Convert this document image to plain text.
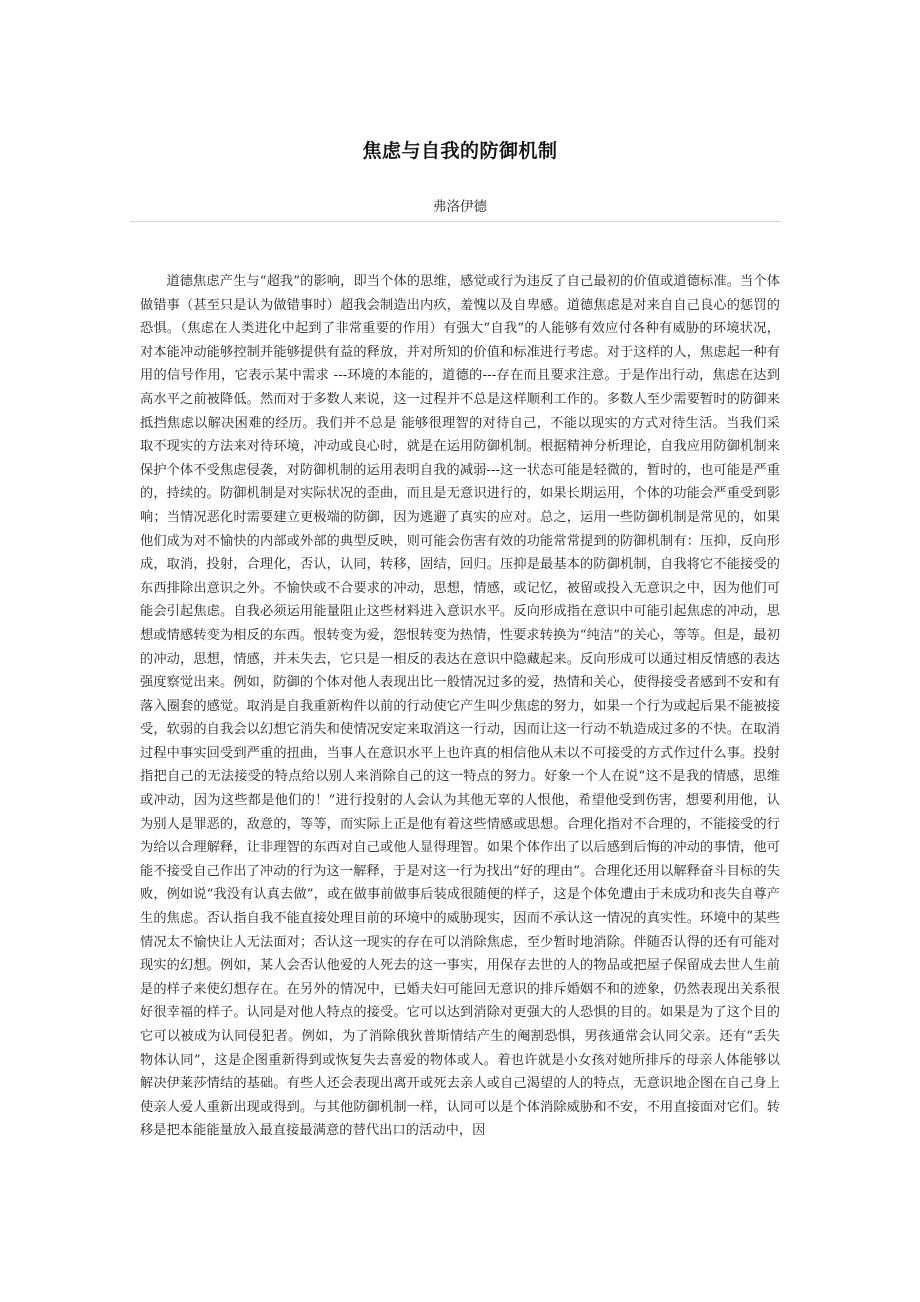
焦虑与自我的防御机制
弗洛伊德

道德焦虑产生与“超我”的影响，即当个体的思维，感觉或行为违反了自己最初的价值或道德标准。当个体做错事（甚至只是认为做错事时）超我会制造出内疚，羞愧以及自卑感。道德焦虑是对来自自己良心的惩罚的恐惧。（焦虑在人类进化中起到了非常重要的作用）有强大“自我”的人能够有效应付各种有威胁的环境状况，对本能冲动能够控制并能够提供有益的释放，并对所知的价值和标准进行考虑。对于这样的人，焦虑起一种有用的信号作用，它表示某中需求 ---环境的本能的，道德的---存在而且要求注意。于是作出行动，焦虑在达到高水平之前被降低。然而对于多数人来说，这一过程并不总是这样顺利工作的。多数人至少需要暂时的防御来抵挡焦虑以解决困难的经历。我们并不总是 能够很理智的对待自己，不能以现实的方式对待生活。当我们采取不现实的方法来对待环境，冲动或良心时，就是在运用防御机制。根据精神分析理论，自我应用防御机制来保护个体不受焦虑侵袭，对防御机制的运用表明自我的减弱---这一状态可能是轻微的，暂时的，也可能是严重的，持续的。防御机制是对实际状况的歪曲，而且是无意识进行的，如果长期运用，个体的功能会严重受到影响；当情况恶化时需要建立更极端的防御，因为逃避了真实的应对。总之，运用一些防御机制是常见的，如果他们成为对不愉快的内部或外部的典型反映，则可能会伤害有效的功能常常提到的防御机制有：压抑，反向形成，取消，投射，合理化，否认，认同，转移，固结，回归。压抑是最基本的防御机制，自我将它不能接受的东西排除出意识之外。不愉快或不合要求的冲动，思想，情感，或记忆，被留或投入无意识之中，因为他们可能会引起焦虑。自我必须运用能量阻止这些材料进入意识水平。反向形成指在意识中可能引起焦虑的冲动，思想或情感转变为相反的东西。恨转变为爱，怨恨转变为热情，性要求转换为“纯洁”的关心，等等。但是，最初的冲动，思想，情感，并未失去，它只是一相反的表达在意识中隐藏起来。反向形成可以通过相反情感的表达强度察觉出来。例如，防御的个体对他人表现出比一般情况过多的爱，热情和关心，使得接受者感到不安和有落入圈套的感觉。取消是自我重新构件以前的行动使它产生叫少焦虑的努力，如果一个行为或起后果不能被接受，软弱的自我会以幻想它消失和使情况安定来取消这一行动，因而让这一行动不轨造成过多的不快。在取消过程中事实回受到严重的扭曲，当事人在意识水平上也许真的相信他从未以不可接受的方式作过什么事。投射指把自己的无法接受的特点给以别人来消除自己的这一特点的努力。好象一个人在说“这不是我的情感，思维或冲动，因为这些都是他们的！”进行投射的人会认为其他无辜的人恨他，希望他受到伤害，想要利用他，认为别人是罪恶的，敌意的，等等，而实际上正是他有着这些情感或思想。合理化指对不合理的，不能接受的行为给以合理解释，让非理智的东西对自己或他人显得理智。如果个体作出了以后感到后悔的冲动的事情，他可能不接受自己作出了冲动的行为这一解释，于是对这一行为找出“好的理由”。合理化还用以解释奋斗目标的失败，例如说“我没有认真去做”，或在做事前做事后装成很随便的样子，这是个体免遭由于未成功和丧失自尊产生的焦虑。否认指自我不能直接处理目前的环境中的威胁现实，因而不承认这一情况的真实性。环境中的某些情况太不愉快让人无法面对；否认这一现实的存在可以消除焦虑，至少暂时地消除。伴随否认得的还有可能对现实的幻想。例如，某人会否认他爱的人死去的这一事实，用保存去世的人的物品或把屋子保留成去世人生前是的样子来使幻想存在。在另外的情况中，已婚夫妇可能回无意识的排斥婚姻不和的迹象，仍然表现出关系很好很幸福的样子。认同是对他人特点的接受。它可以达到消除对更强大的人恐惧的目的。如果是为了这个目的它可以被成为认同侵犯者。例如，为了消除俄狄普斯情结产生的阉割恐惧，男孩通常会认同父亲。还有“丢失物体认同”，这是企图重新得到或恢复失去喜爱的物体或人。着也许就是小女孩对她所排斥的母亲人体能够以解决伊莱莎情结的基础。有些人还会表现出离开或死去亲人或自己渴望的人的特点，无意识地企图在自己身上使亲人爱人重新出现或得到。与其他防御机制一样，认同可以是个体消除威胁和不安，不用直接面对它们。转移是把本能能量放入最直接最满意的替代出口的活动中，因
